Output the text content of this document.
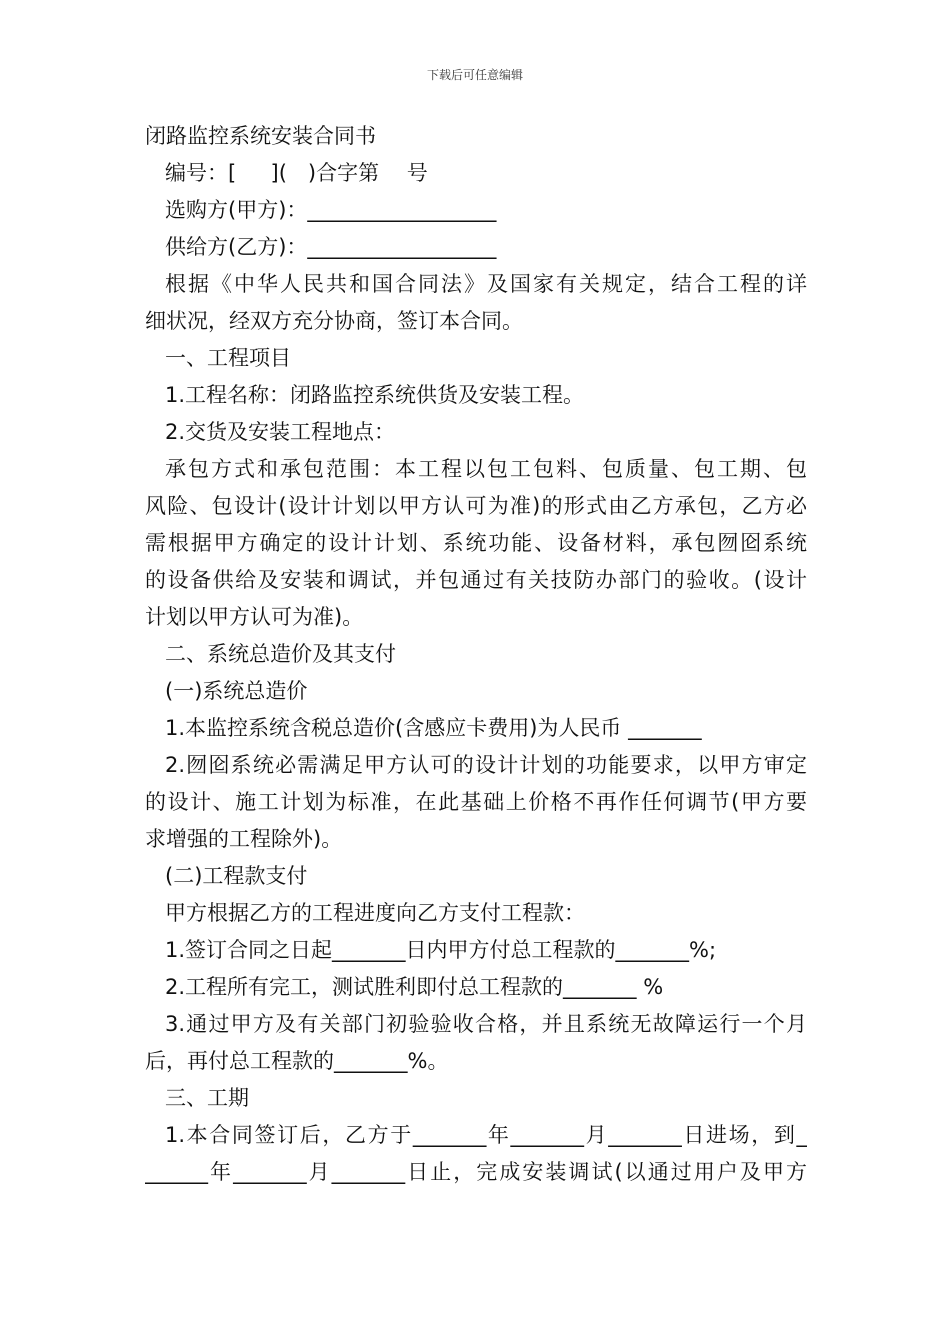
下载后可任意编辑
闭路监控系统安装合同书
编号：[　  ](　)合字第　 号
选购方(甲方)：__________________
供给方(乙方)：__________________
根据《中华人民共和国合同法》及国家有关规定，结合工程的详
细状况，经双方充分协商，签订本合同。
一、工程项目
1.工程名称：闭路监控系统供货及安装工程。
2.交货及安装工程地点：
承包方式和承包范围：本工程以包工包料、包质量、包工期、包
风险、包设计(设计计划以甲方认可为准)的形式由乙方承包，乙方必
需根据甲方确定的设计计划、系统功能、设备材料，承包囫囵系统
的设备供给及安装和调试，并包通过有关技防办部门的验收。(设计
计划以甲方认可为准)。
二、系统总造价及其支付
(一)系统总造价
1.本监控系统含税总造价(含感应卡费用)为人民币 _______
2.囫囵系统必需满足甲方认可的设计计划的功能要求，以甲方审定
的设计、施工计划为标准，在此基础上价格不再作任何调节(甲方要
求增强的工程除外)。
(二)工程款支付
甲方根据乙方的工程进度向乙方支付工程款：
1.签订合同之日起_______日内甲方付总工程款的_______%;
2.工程所有完工，测试胜利即付总工程款的_______ %
3.通过甲方及有关部门初验验收合格，并且系统无故障运行一个月
后，再付总工程款的_______%。
三、工期
1.本合同签订后，乙方于_______年_______月_______日进场，到_
______年_______月_______日止，完成安装调试(以通过用户及甲方
